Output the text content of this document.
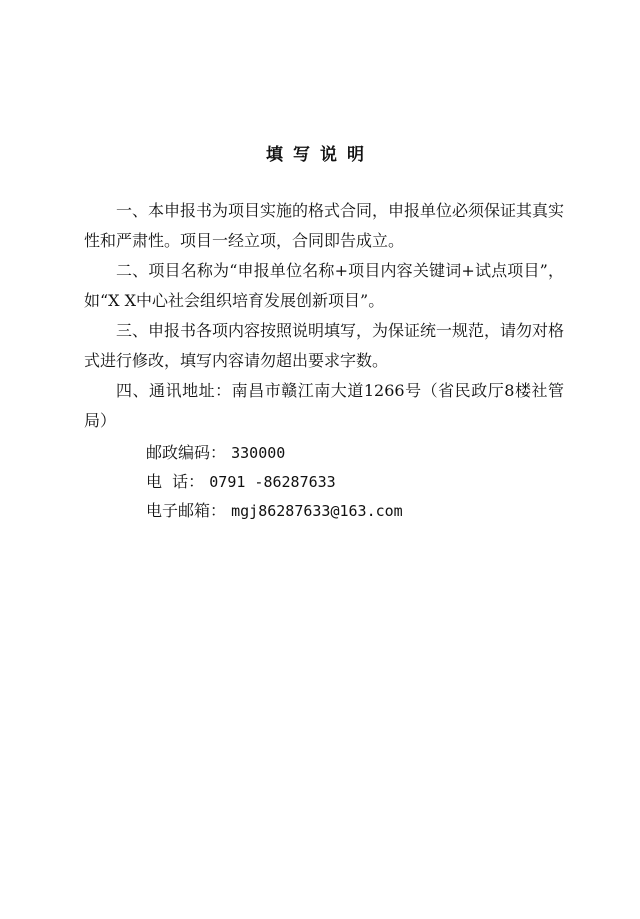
填写说明

一、本申报书为项目实施的格式合同，申报单位必须保证其真实性和严肃性。项目一经立项，合同即告成立。

二、项目名称为“申报单位名称+项目内容关键词+试点项目”，如“X X中心社会组织培育发展创新项目”。

三、申报书各项内容按照说明填写，为保证统一规范，请勿对格式进行修改，填写内容请勿超出要求字数。

四、通讯地址：南昌市赣江南大道1266号（省民政厅8楼社管局）

邮政编码： 330000
电  话： 0791 -86287633
电子邮箱： mgj86287633@163.com
